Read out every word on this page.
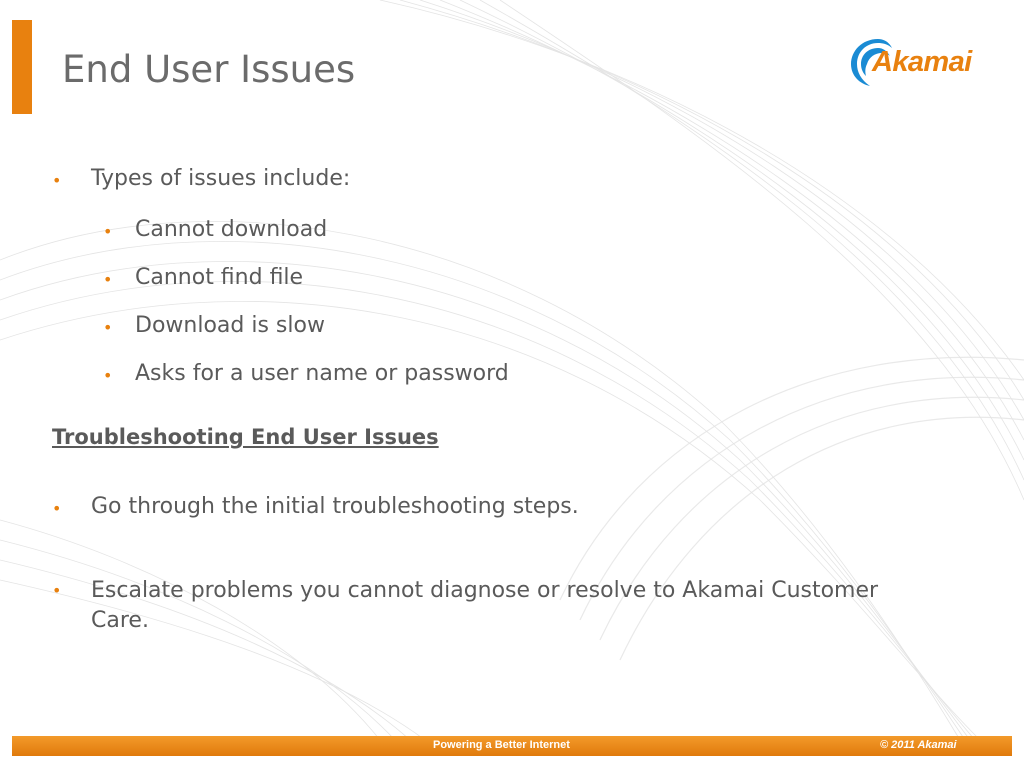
End User Issues	Akamai
• Types of issues include:
• Cannot download
• Cannot find file
• Download is slow
• Asks for a user name or password
Troubleshooting End User Issues
• Go through the initial troubleshooting steps.
• Escalate problems you cannot diagnose or resolve to Akamai Customer Care.
Powering a Better Internet	© 2011 Akamai
